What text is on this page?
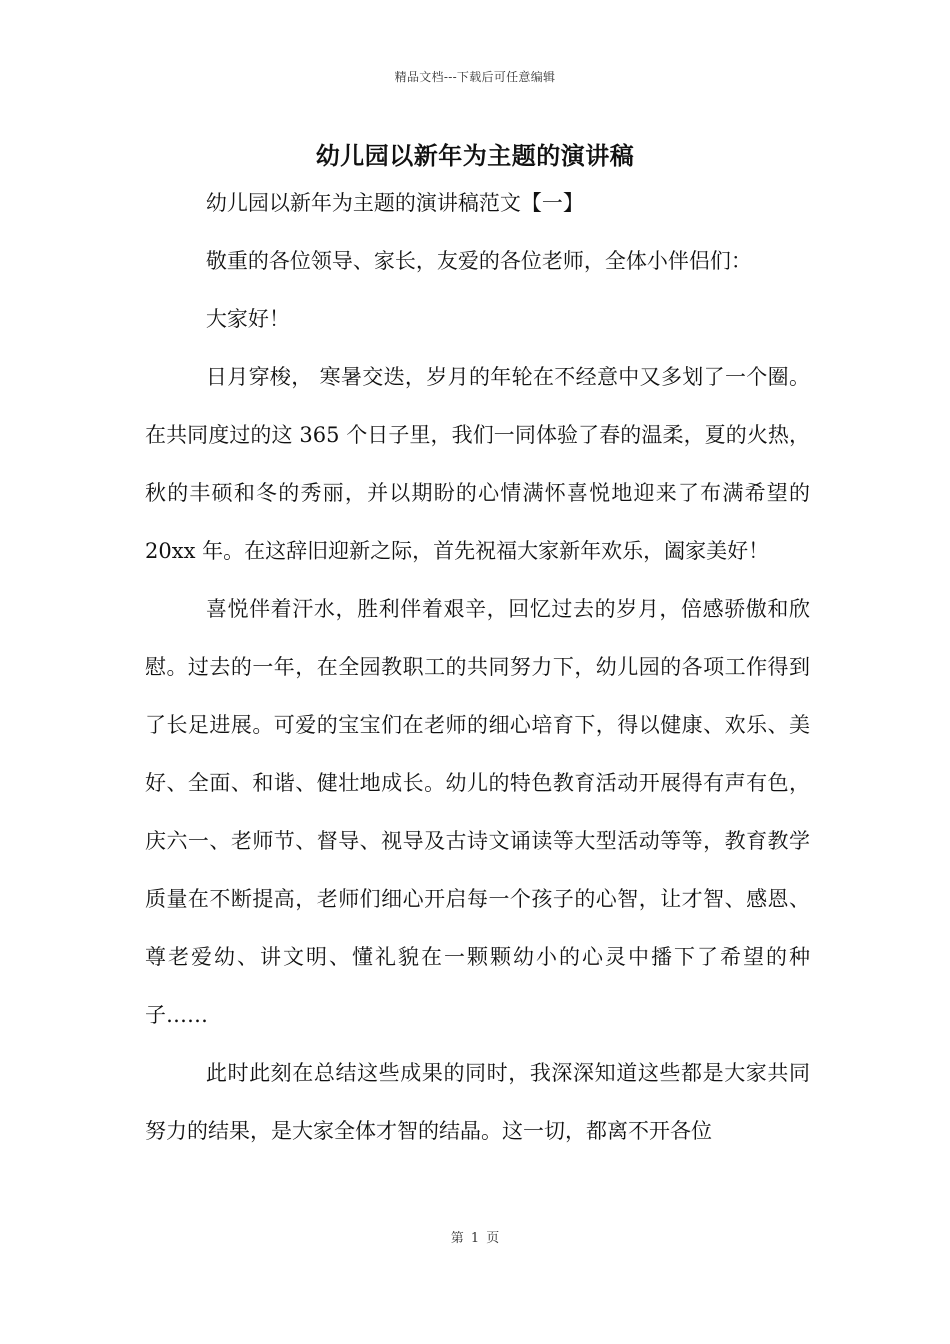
精品文档---下载后可任意编辑
幼儿园以新年为主题的演讲稿

幼儿园以新年为主题的演讲稿范文【一】

敬重的各位领导、家长，友爱的各位老师，全体小伴侣们：

大家好！

日月穿梭， 寒暑交迭，岁月的年轮在不经意中又多划了一个圈。在共同度过的这 365 个日子里，我们一同体验了春的温柔，夏的火热，秋的丰硕和冬的秀丽，并以期盼的心情满怀喜悦地迎来了布满希望的 20xx 年。在这辞旧迎新之际，首先祝福大家新年欢乐，阖家美好！

喜悦伴着汗水，胜利伴着艰辛，回忆过去的岁月，倍感骄傲和欣慰。过去的一年，在全园教职工的共同努力下，幼儿园的各项工作得到了长足进展。可爱的宝宝们在老师的细心培育下，得以健康、欢乐、美好、全面、和谐、健壮地成长。幼儿的特色教育活动开展得有声有色，庆六一、老师节、督导、视导及古诗文诵读等大型活动等等，教育教学质量在不断提高，老师们细心开启每一个孩子的心智，让才智、感恩、尊老爱幼、讲文明、懂礼貌在一颗颗幼小的心灵中播下了希望的种子……

此时此刻在总结这些成果的同时，我深深知道这些都是大家共同努力的结果，是大家全体才智的结晶。这一切，都离不开各位

第 1 页
